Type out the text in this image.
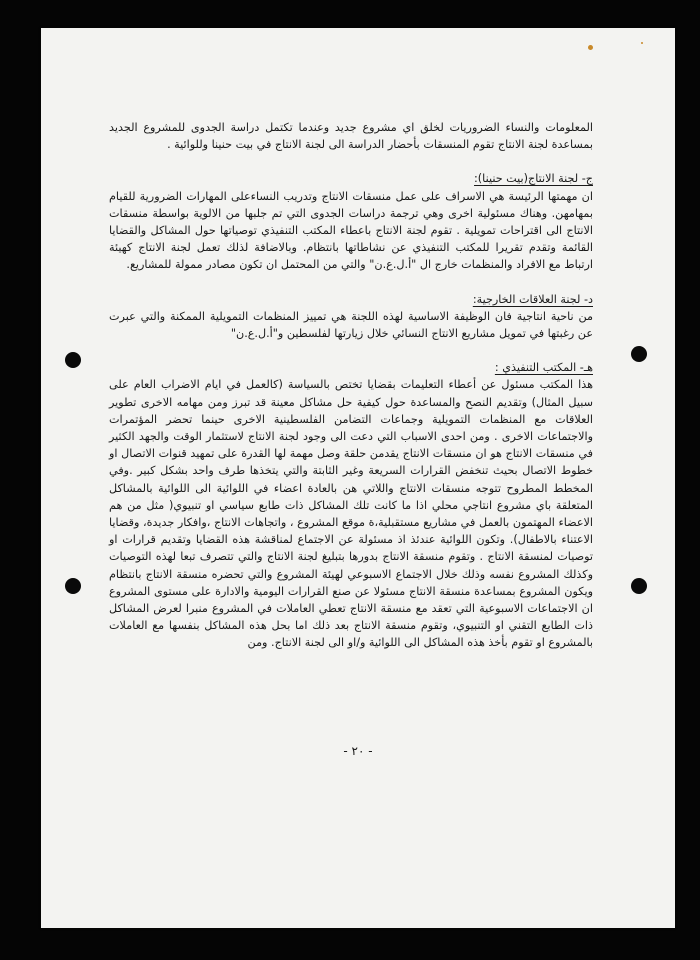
المعلومات والنساء الضروريات لخلق اي مشروع جديد وعندما تكتمل دراسة الجدوى للمشروع الجديد بمساعدة لجنة الانتاج تقوم المنسقات بأحضار الدراسة الى لجنة الانتاج في بيت حنينا وللوائية .

ج- لجنة الانتاج(بيت حنينا):

ان مهمتها الرئيسة هي الاسراف على عمل منسقات الانتاج وتدريب النساءعلى المهارات الضرورية للقيام بمهامهن. وهناك مسئولية اخرى وهي ترجمة دراسات الجدوى التي تم جلبها من الالوية بواسطة منسقات الانتاج الى اقتراحات تمويلية . تقوم لجنة الانتاج باعطاء المكتب التنفيذي توصياتها حول المشاكل والقضايا القائمة وتقدم تقريرا للمكتب التنفيذي عن نشاطاتها بانتظام. وبالاضافة لذلك تعمل لجنة الانتاج كهيئة ارتباط مع الافراد والمنظمات خارج ال "أ.ل.ع.ن" والتي من المحتمل ان تكون مصادر ممولة للمشاريع.

د- لجنة العلاقات الخارجية:

من ناحية انتاجية فان الوظيفة الاساسية لهذه اللجنة هي تمييز المنظمات التمويلية الممكنة والتي عبرت عن رغبتها في تمويل مشاريع الانتاج النسائي خلال زيارتها لفلسطين و"أ.ل.ع.ن"

هـ- المكتب التنفيذي :

هذا المكتب مسئول عن أعطاء التعليمات بقضايا تختص بالسياسة (كالعمل في ايام الاضراب العام على سبيل المثال) وتقديم النصح والمساعدة حول كيفية حل مشاكل معينة قد تبرز ومن مهامه الاخرى تطوير العلاقات مع المنظمات التمويلية وجماعات التضامن الفلسطينية الاخرى حينما تحضر المؤتمرات والاجتماعات الاخرى . ومن احدى الاسباب التي دعت الى وجود لجنة الانتاج لاستثمار الوقت والجهد الكثير في منسقات الانتاج هو ان منسقات الانتاج يقدمن حلقة وصل مهمة لها القدرة على تمهيد قنوات الاتصال او خطوط الاتصال بحيث تنخفض القرارات السريعة وغير الثابتة والتي يتخذها طرف واحد بشكل كبير .وفي المخطط المطروح تتوجه منسقات الانتاج واللاتي هن بالعادة اعضاء في اللوائية الى اللوائية بالمشاكل المتعلقة باي مشروع انتاجي محلي اذا ما كانت تلك المشاكل ذات طابع سياسي او تنبيوي( مثل من هم الاعضاء المهتمون بالعمل في مشاريع مستقبلية،ة موقع المشروع ، واتجاهات الانتاج ،وافكار جديدة، وقضايا الاعتناء بالاطفال). وتكون اللوائية عندئذ اذ مسئولة عن الاجتماع لمناقشة هذه القضايا وتقديم قرارات او توصيات لمنسقة الانتاج . وتقوم منسقة الانتاج بدورها بتبليغ لجنة الانتاج والتي تتصرف تبعا لهذه التوصيات وكذلك المشروع نفسه وذلك خلال الاجتماع الاسبوعي لهيئة المشروع والتي تحضره منسقة الانتاج بانتظام ويكون المشروع بمساعدة منسقة الانتاج مسئولا عن صنع القرارات اليومية والادارة على مستوى المشروع ان الاجتماعات الاسبوعية التي تعقد مع منسقة الانتاج تعطي العاملات في المشروع منبرا لعرض المشاكل ذات الطابع التقني او التنبيوي، وتقوم منسقة الانتاج بعد ذلك اما بحل هذه المشاكل بنفسها مع العاملات بالمشروع او تقوم بأخذ هذه المشاكل الى اللوائية و/او الى لجنة الانتاج. ومن

- ٢٠ -
